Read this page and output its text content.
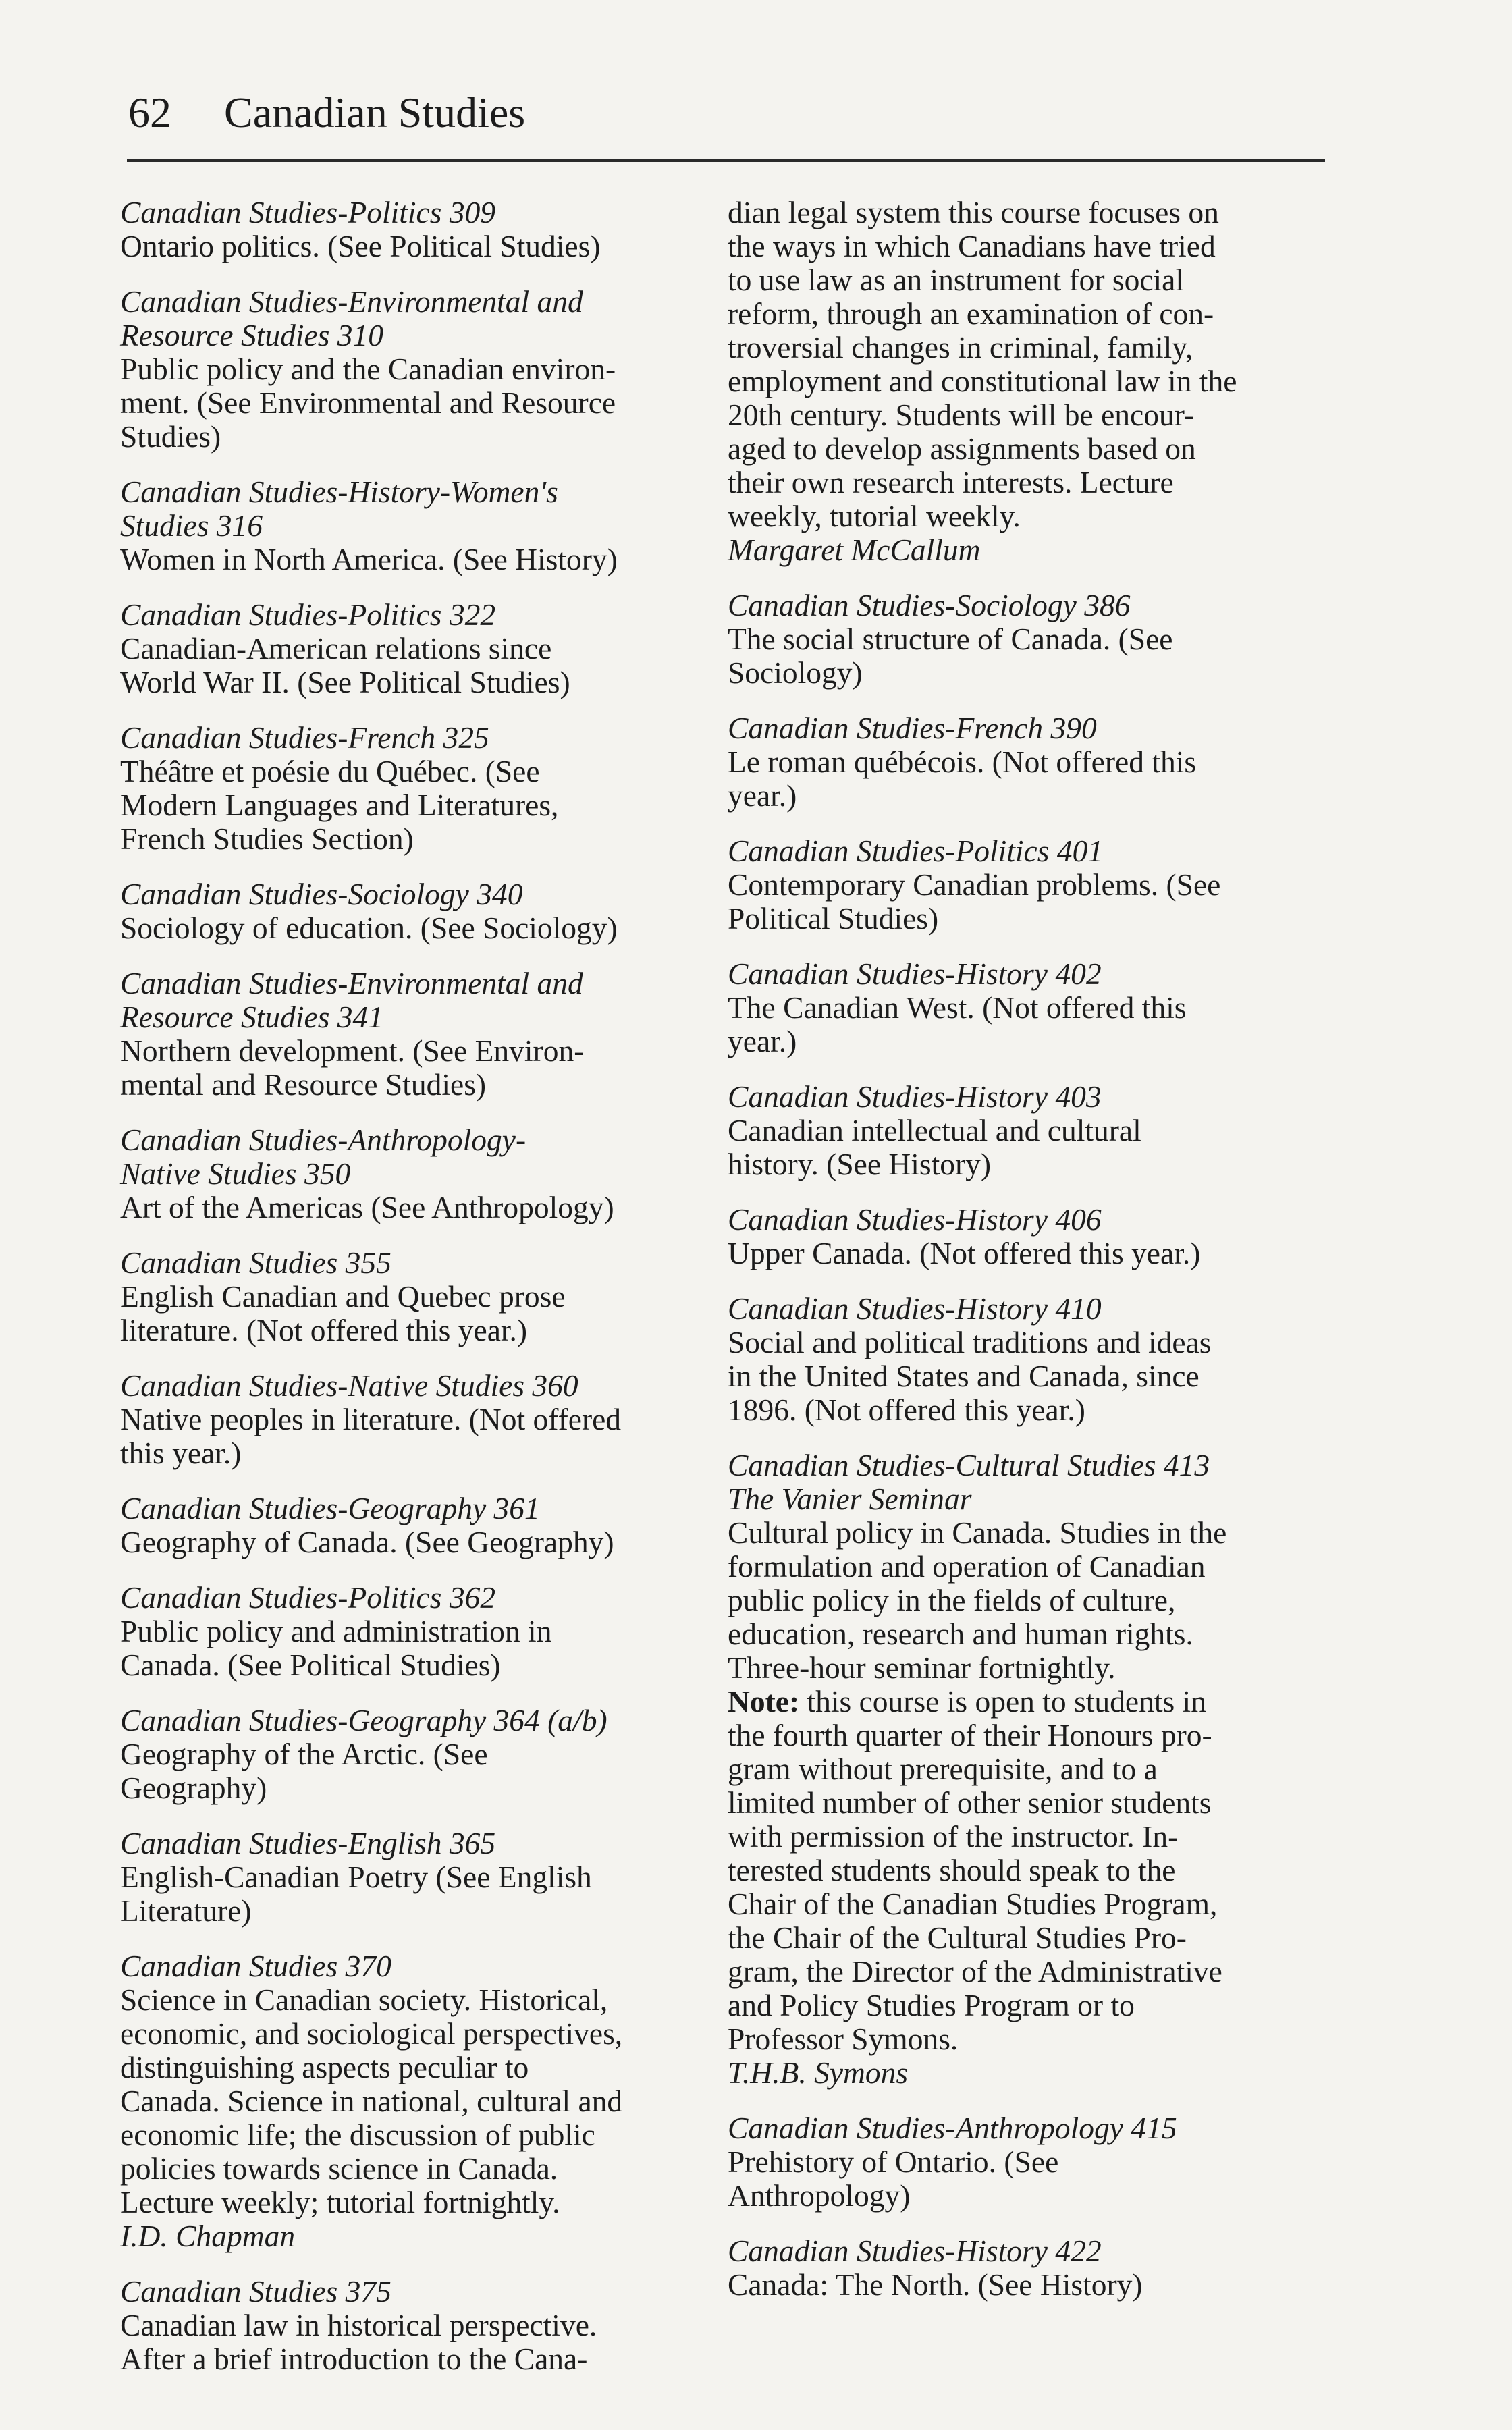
62 Canadian Studies

Canadian Studies-Politics 309

Ontario politics. (See Political Studies)

Canadian Studies-Environmental and
Resource Studies 310

Public policy and the Canadian environ-
ment. (See Environmental and Resource
Studies)

Canadian Studies-History-Women's
Studies 316

Women in North America. (See History)

Canadian Studies-Politics 322

Canadian-American relations since
World War II. (See Political Studies)

Canadian Studies-French 325

Théâtre et poésie du Québec. (See
Modern Languages and Literatures,
French Studies Section)

Canadian Studies-Sociology 340

Sociology of education. (See Sociology)

Canadian Studies-Environmental and
Resource Studies 341

Northern development. (See Environ-
mental and Resource Studies)

Canadian Studies-Anthropology-
Native Studies 350

Art of the Americas (See Anthropology)

Canadian Studies 355

English Canadian and Quebec prose
literature. (Not offered this year.)

Canadian Studies-Native Studies 360

Native peoples in literature. (Not offered
this year.)

Canadian Studies-Geography 361

Geography of Canada. (See Geography)

Canadian Studies-Politics 362

Public policy and administration in
Canada. (See Political Studies)

Canadian Studies-Geography 364 (a/b)

Geography of the Arctic. (See
Geography)

Canadian Studies-English 365

English-Canadian Poetry (See English
Literature)

Canadian Studies 370

Science in Canadian society. Historical,
economic, and sociological perspectives,
distinguishing aspects peculiar to
Canada. Science in national, cultural and
economic life; the discussion of public
policies towards science in Canada.
Lecture weekly; tutorial fortnightly.

I.D. Chapman

Canadian Studies 375

Canadian law in historical perspective.
After a brief introduction to the Cana-

dian legal system this course focuses on
the ways in which Canadians have tried
to use law as an instrument for social
reform, through an examination of con-
troversial changes in criminal, family,
employment and constitutional law in the
20th century. Students will be encour-
aged to develop assignments based on
their own research interests. Lecture
weekly, tutorial weekly.

Margaret McCallum

Canadian Studies-Sociology 386

The social structure of Canada. (See
Sociology)

Canadian Studies-French 390

Le roman québécois. (Not offered this
year.)

Canadian Studies-Politics 401

Contemporary Canadian problems. (See
Political Studies)

Canadian Studies-History 402

The Canadian West. (Not offered this
year.)

Canadian Studies-History 403

Canadian intellectual and cultural
history. (See History)

Canadian Studies-History 406

Upper Canada. (Not offered this year.)

Canadian Studies-History 410

Social and political traditions and ideas
in the United States and Canada, since
1896. (Not offered this year.)

Canadian Studies-Cultural Studies 413
The Vanier Seminar

Cultural policy in Canada. Studies in the
formulation and operation of Canadian
public policy in the fields of culture,
education, research and human rights.
Three-hour seminar fortnightly.

Note: this course is open to students in
the fourth quarter of their Honours pro-
gram without prerequisite, and to a
limited number of other senior students
with permission of the instructor. In-
terested students should speak to the
Chair of the Canadian Studies Program,
the Chair of the Cultural Studies Pro-
gram, the Director of the Administrative
and Policy Studies Program or to
Professor Symons.

T.H.B. Symons

Canadian Studies-Anthropology 415

Prehistory of Ontario. (See
Anthropology)

Canadian Studies-History 422

Canada: The North. (See History)
